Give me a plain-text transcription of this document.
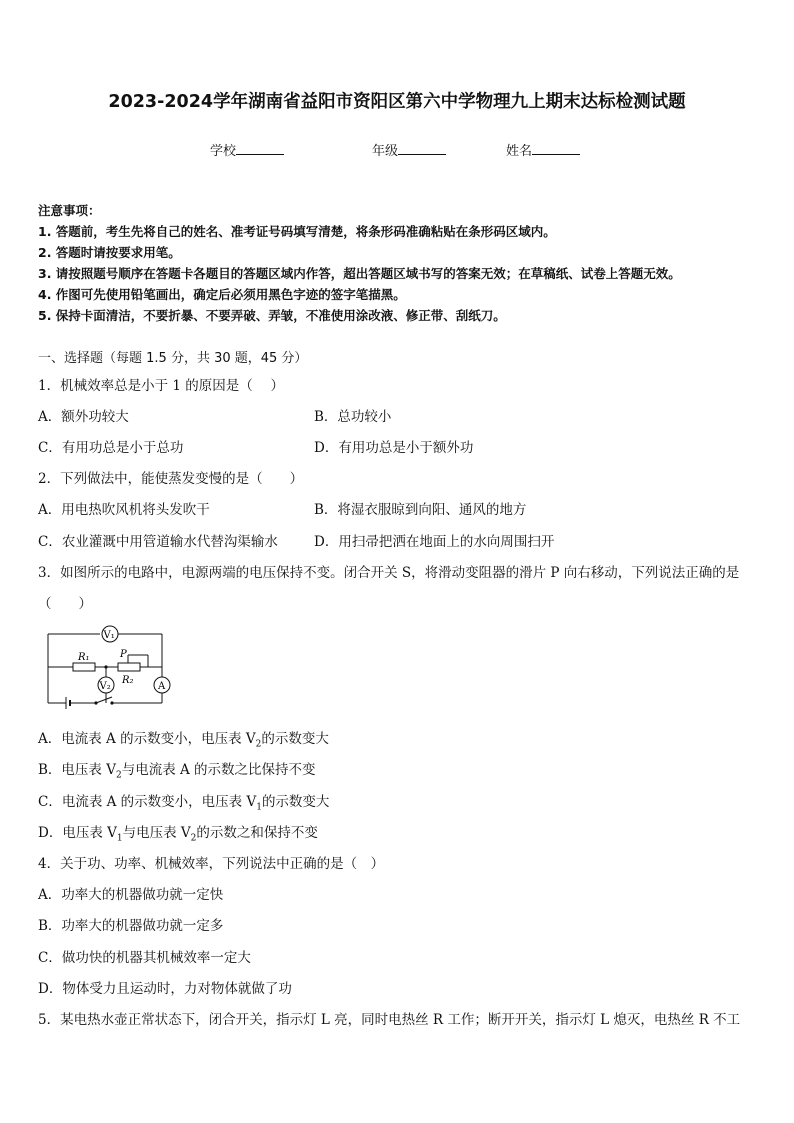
2023-2024学年湖南省益阳市资阳区第六中学物理九上期末达标检测试题
学校	年级	姓名
注意事项：
1. 答题前，考生先将自己的姓名、准考证号码填写清楚，将条形码准确粘贴在条形码区域内。
2. 答题时请按要求用笔。
3. 请按照题号顺序在答题卡各题目的答题区域内作答，超出答题区域书写的答案无效；在草稿纸、试卷上答题无效。
4. 作图可先使用铅笔画出，确定后必须用黑色字迹的签字笔描黑。
5. 保持卡面清洁，不要折暴、不要弄破、弄皱，不准使用涂改液、修正带、刮纸刀。
一、选择题（每题 1.5 分，共 30 题，45 分）
1．机械效率总是小于 1 的原因是（　 ）
A．额外功较大	B．总功较小
C．有用功总是小于总功	D．有用功总是小于额外功
2．下列做法中，能使蒸发变慢的是（　　）
A．用电热吹风机将头发吹干	B．将湿衣服晾到向阳、通风的地方
C．农业灌溉中用管道输水代替沟渠输水	D．用扫帚把洒在地面上的水向周围扫开
3．如图所示的电路中，电源两端的电压保持不变。闭合开关 S，将滑动变阻器的滑片 P 向右移动，下列说法正确的是
（　　）
V₁
V₂	A
R₁
R₂
P
A．电流表 A 的示数变小，电压表 $V_2$的示数变大
B．电压表 $V_2$与电流表 A 的示数之比保持不变
C．电流表 A 的示数变小，电压表 $V_1$的示数变大
D．电压表 $V_1$与电压表 $V_2$的示数之和保持不变
4．关于功、功率、机械效率，下列说法中正确的是（　）
A．功率大的机器做功就一定快
B．功率大的机器做功就一定多
C．做功快的机器其机械效率一定大
D．物体受力且运动时，力对物体就做了功
5．某电热水壶正常状态下，闭合开关，指示灯 L 亮，同时电热丝 R 工作；断开开关，指示灯 L 熄灭，电热丝 R 不工
